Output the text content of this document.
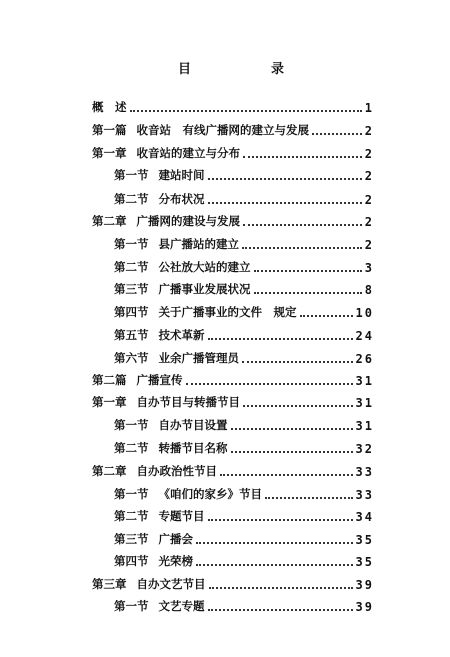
目	录
概　述	1
第一篇 收音站　有线广播网的建立与发展	2
第一章 收音站的建立与分布	2
第一节 建站时间	2
第二节 分布状况	2
第二章 广播网的建设与发展	2
第一节 县广播站的建立	2
第二节 公社放大站的建立	3
第三节 广播事业发展状况	8
第四节 关于广播事业的文件　规定	10
第五节 技术革新	24
第六节 业余广播管理员	26
第二篇 广播宣传	31
第一章 自办节目与转播节目	31
第一节 自办节目设置	31
第二节 转播节目名称	32
第二章 自办政治性节目	33
第一节 《咱们的家乡》节目	33
第二节 专题节目	34
第三节 广播会	35
第四节 光荣榜	35
第三章 自办文艺节目	39
第一节 文艺专题	39
